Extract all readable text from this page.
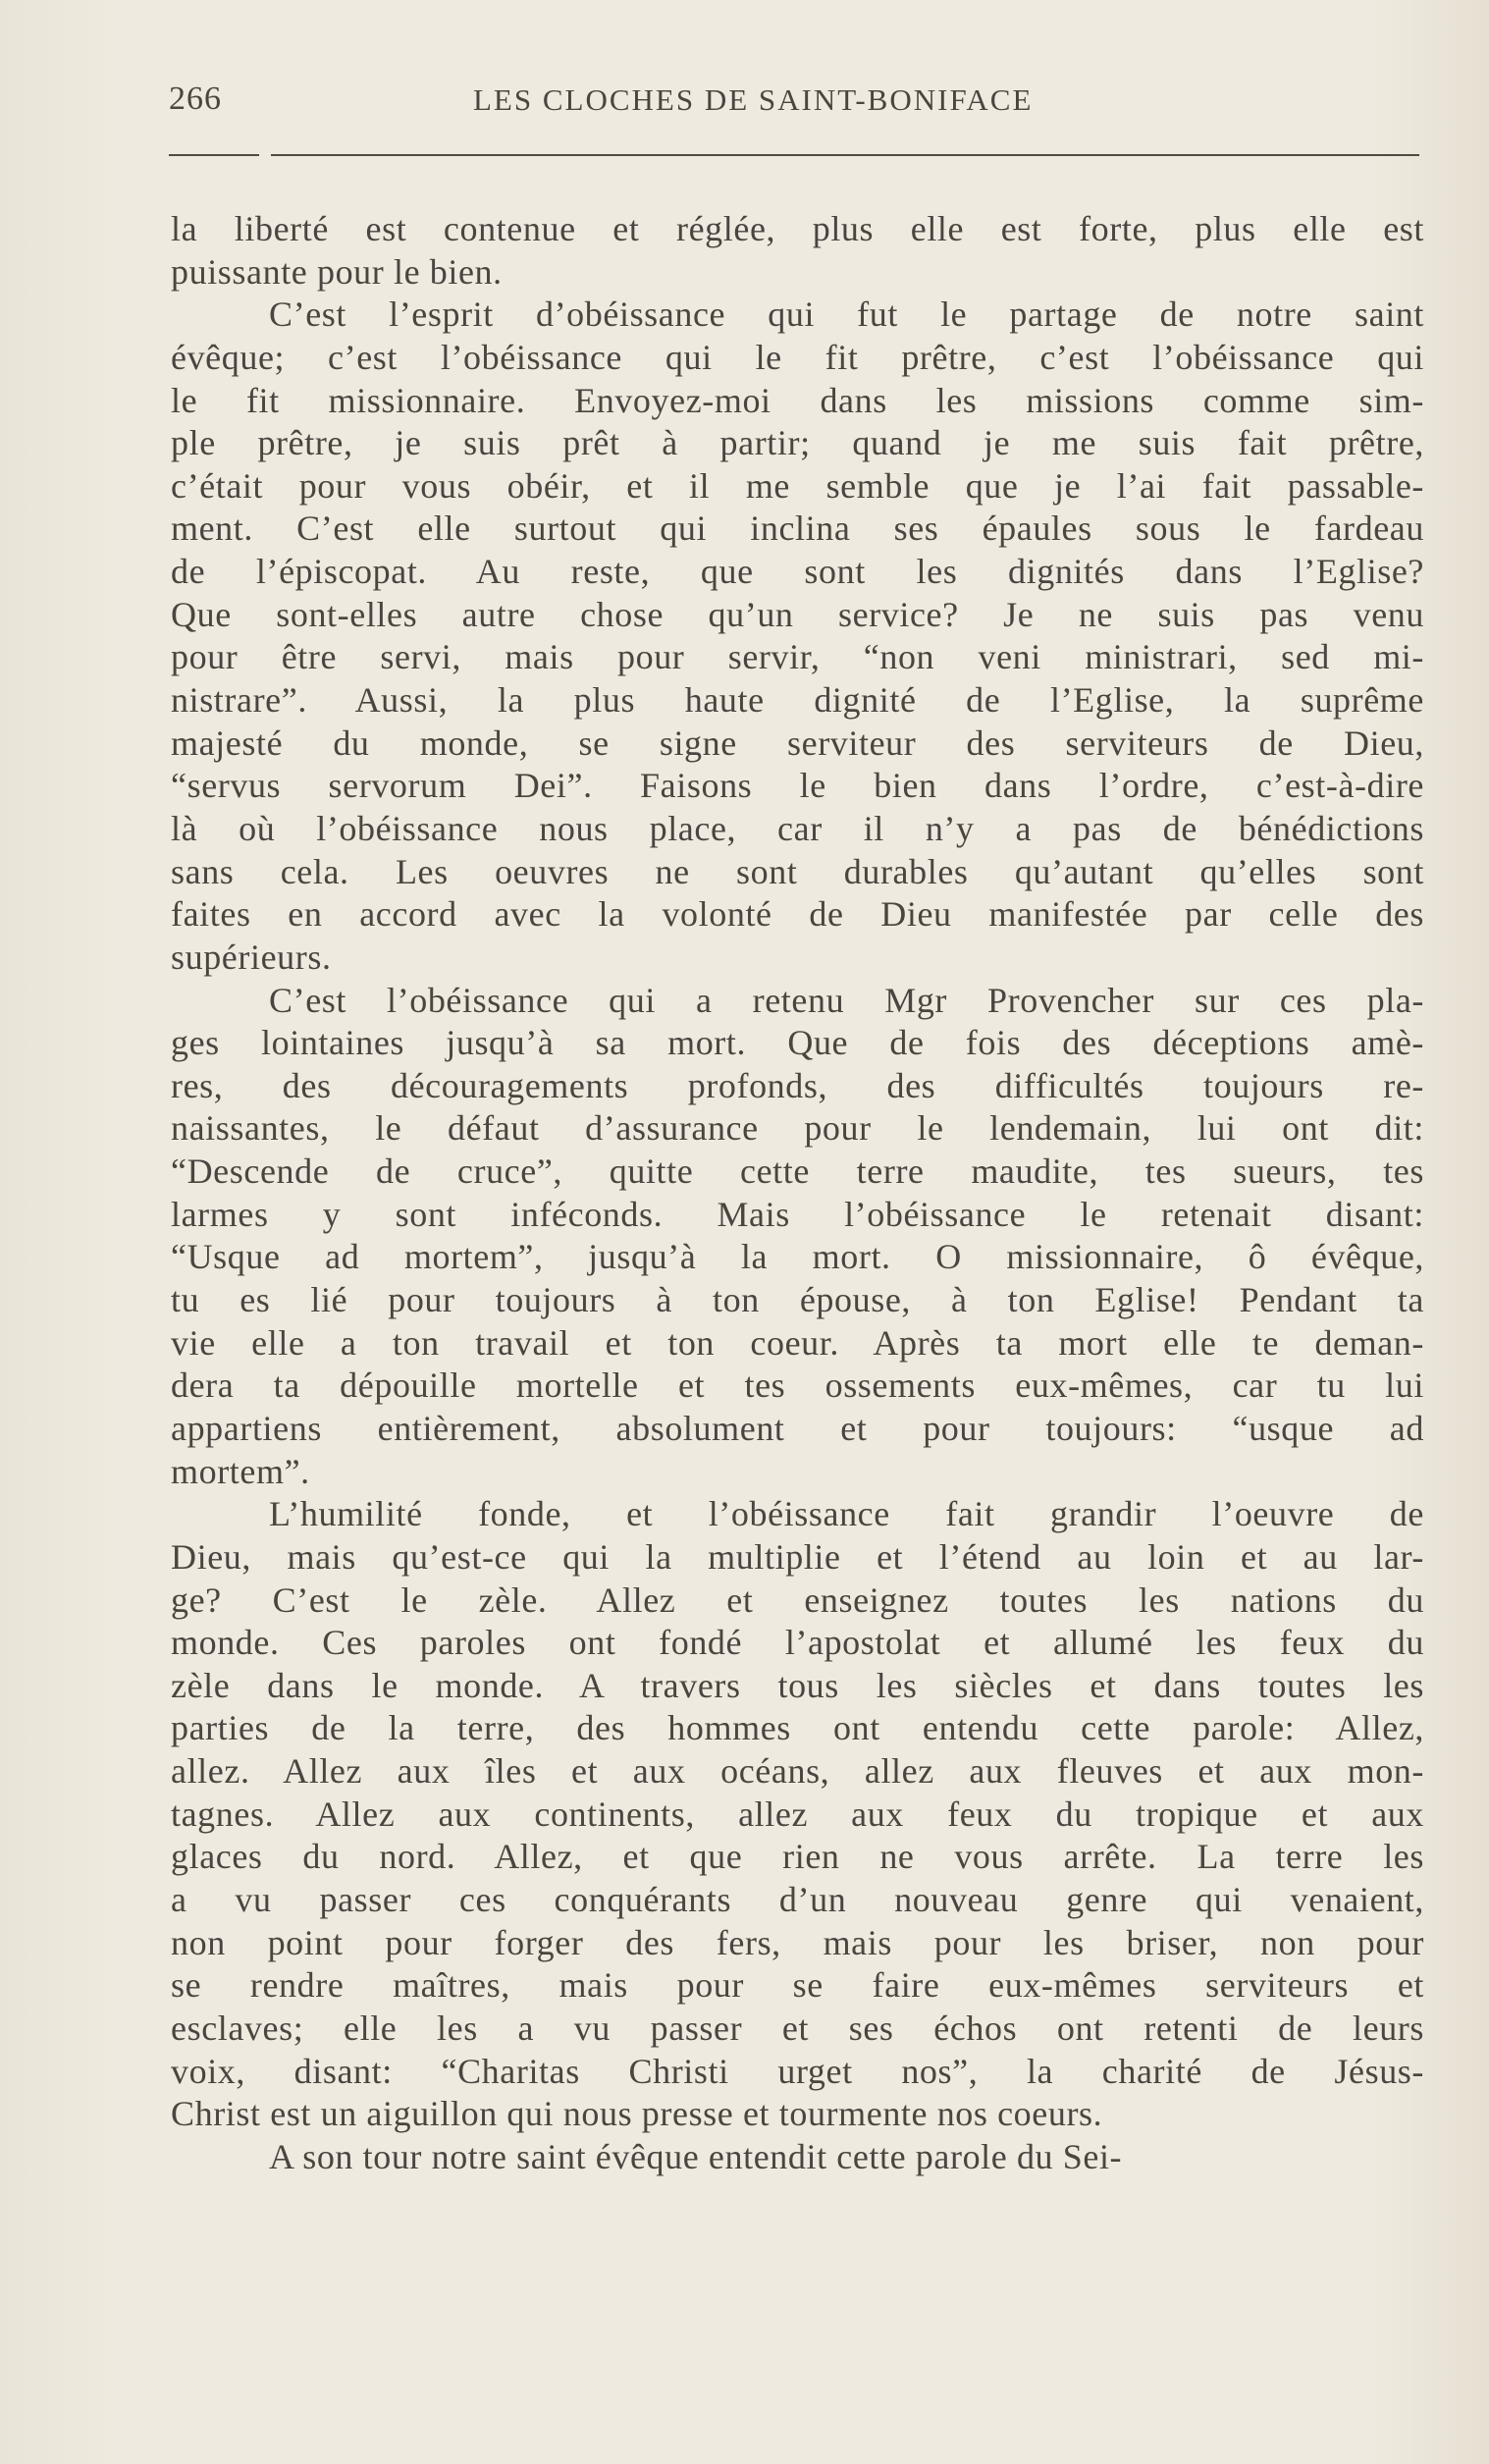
266	LES CLOCHES DE SAINT-BONIFACE
la liberté est contenue et réglée, plus elle est forte, plus elle est
puissante pour le bien.
C’est l’esprit d’obéissance qui fut le partage de notre saint
évêque; c’est l’obéissance qui le fit prêtre, c’est l’obéissance qui
le fit missionnaire. Envoyez-moi dans les missions comme sim-
ple prêtre, je suis prêt à partir; quand je me suis fait prêtre,
c’était pour vous obéir, et il me semble que je l’ai fait passable-
ment. C’est elle surtout qui inclina ses épaules sous le fardeau
de l’épiscopat. Au reste, que sont les dignités dans l’Eglise?
Que sont-elles autre chose qu’un service? Je ne suis pas venu
pour être servi, mais pour servir, “non veni ministrari, sed mi-
nistrare”. Aussi, la plus haute dignité de l’Eglise, la suprême
majesté du monde, se signe serviteur des serviteurs de Dieu,
“servus servorum Dei”. Faisons le bien dans l’ordre, c’est-à-dire
là où l’obéissance nous place, car il n’y a pas de bénédictions
sans cela. Les oeuvres ne sont durables qu’autant qu’elles sont
faites en accord avec la volonté de Dieu manifestée par celle des
supérieurs.
C’est l’obéissance qui a retenu Mgr Provencher sur ces pla-
ges lointaines jusqu’à sa mort. Que de fois des déceptions amè-
res, des découragements profonds, des difficultés toujours re-
naissantes, le défaut d’assurance pour le lendemain, lui ont dit:
“Descende de cruce”, quitte cette terre maudite, tes sueurs, tes
larmes y sont inféconds. Mais l’obéissance le retenait disant:
“Usque ad mortem”, jusqu’à la mort. O missionnaire, ô évêque,
tu es lié pour toujours à ton épouse, à ton Eglise! Pendant ta
vie elle a ton travail et ton coeur. Après ta mort elle te deman-
dera ta dépouille mortelle et tes ossements eux-mêmes, car tu lui
appartiens entièrement, absolument et pour toujours: “usque ad
mortem”.
L’humilité fonde, et l’obéissance fait grandir l’oeuvre de
Dieu, mais qu’est-ce qui la multiplie et l’étend au loin et au lar-
ge? C’est le zèle. Allez et enseignez toutes les nations du
monde. Ces paroles ont fondé l’apostolat et allumé les feux du
zèle dans le monde. A travers tous les siècles et dans toutes les
parties de la terre, des hommes ont entendu cette parole: Allez,
allez. Allez aux îles et aux océans, allez aux fleuves et aux mon-
tagnes. Allez aux continents, allez aux feux du tropique et aux
glaces du nord. Allez, et que rien ne vous arrête. La terre les
a vu passer ces conquérants d’un nouveau genre qui venaient,
non point pour forger des fers, mais pour les briser, non pour
se rendre maîtres, mais pour se faire eux-mêmes serviteurs et
esclaves; elle les a vu passer et ses échos ont retenti de leurs
voix, disant: “Charitas Christi urget nos”, la charité de Jésus-
Christ est un aiguillon qui nous presse et tourmente nos coeurs.
A son tour notre saint évêque entendit cette parole du Sei-
